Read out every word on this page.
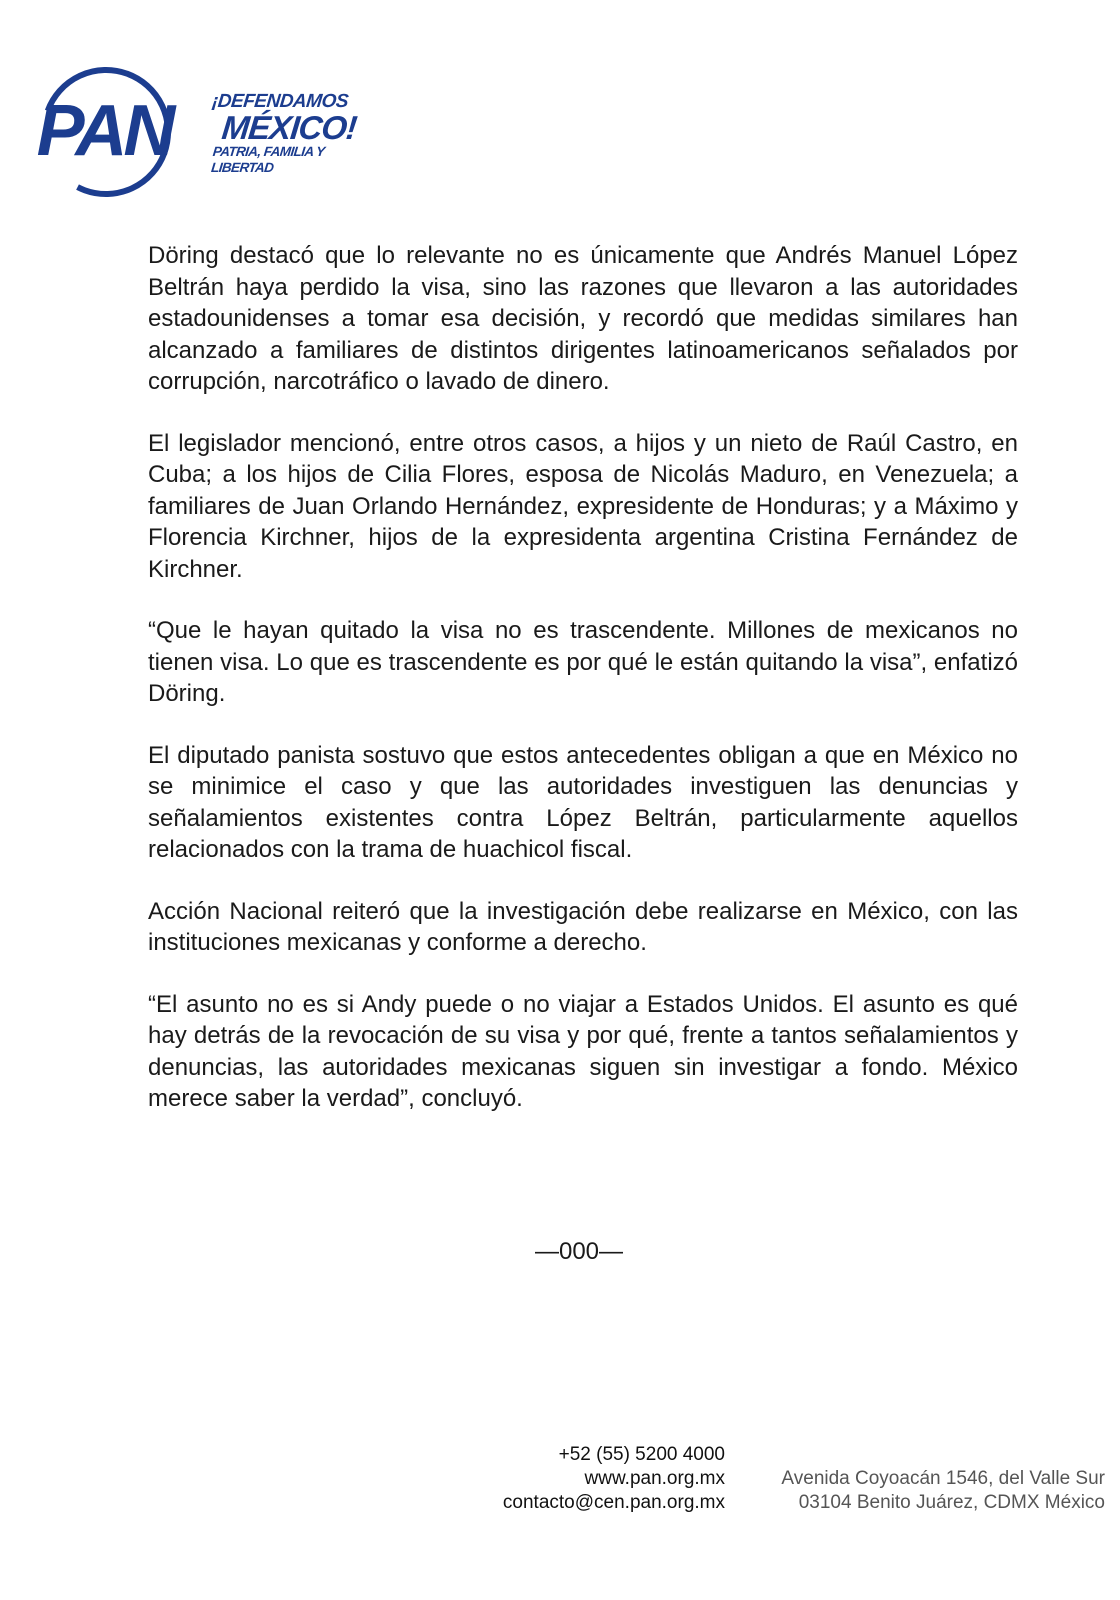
PAN	¡DEFENDAMOS
MÉXICO!
PATRIA, FAMILIA Y LIBERTAD

Döring destacó que lo relevante no es únicamente que Andrés Manuel López Beltrán haya perdido la visa, sino las razones que llevaron a las autoridades estadounidenses a tomar esa decisión, y recordó que medidas similares han alcanzado a familiares de distintos dirigentes latinoamericanos señalados por corrupción, narcotráfico o lavado de dinero.

El legislador mencionó, entre otros casos, a hijos y un nieto de Raúl Castro, en Cuba; a los hijos de Cilia Flores, esposa de Nicolás Maduro, en Venezuela; a familiares de Juan Orlando Hernández, expresidente de Honduras; y a Máximo y Florencia Kirchner, hijos de la expresidenta argentina Cristina Fernández de Kirchner.

“Que le hayan quitado la visa no es trascendente. Millones de mexicanos no tienen visa. Lo que es trascendente es por qué le están quitando la visa”, enfatizó Döring.

El diputado panista sostuvo que estos antecedentes obligan a que en México no se minimice el caso y que las autoridades investiguen las denuncias y señalamientos existentes contra López Beltrán, particularmente aquellos relacionados con la trama de huachicol fiscal.

Acción Nacional reiteró que la investigación debe realizarse en México, con las instituciones mexicanas y conforme a derecho.

“El asunto no es si Andy puede o no viajar a Estados Unidos. El asunto es qué hay detrás de la revocación de su visa y por qué, frente a tantos señalamientos y denuncias, las autoridades mexicanas siguen sin investigar a fondo. México merece saber la verdad”, concluyó.

—000—
+52 (55) 5200 4000
www.pan.org.mx
contacto@cen.pan.org.mx
Avenida Coyoacán 1546, del Valle Sur
03104 Benito Juárez, CDMX México
